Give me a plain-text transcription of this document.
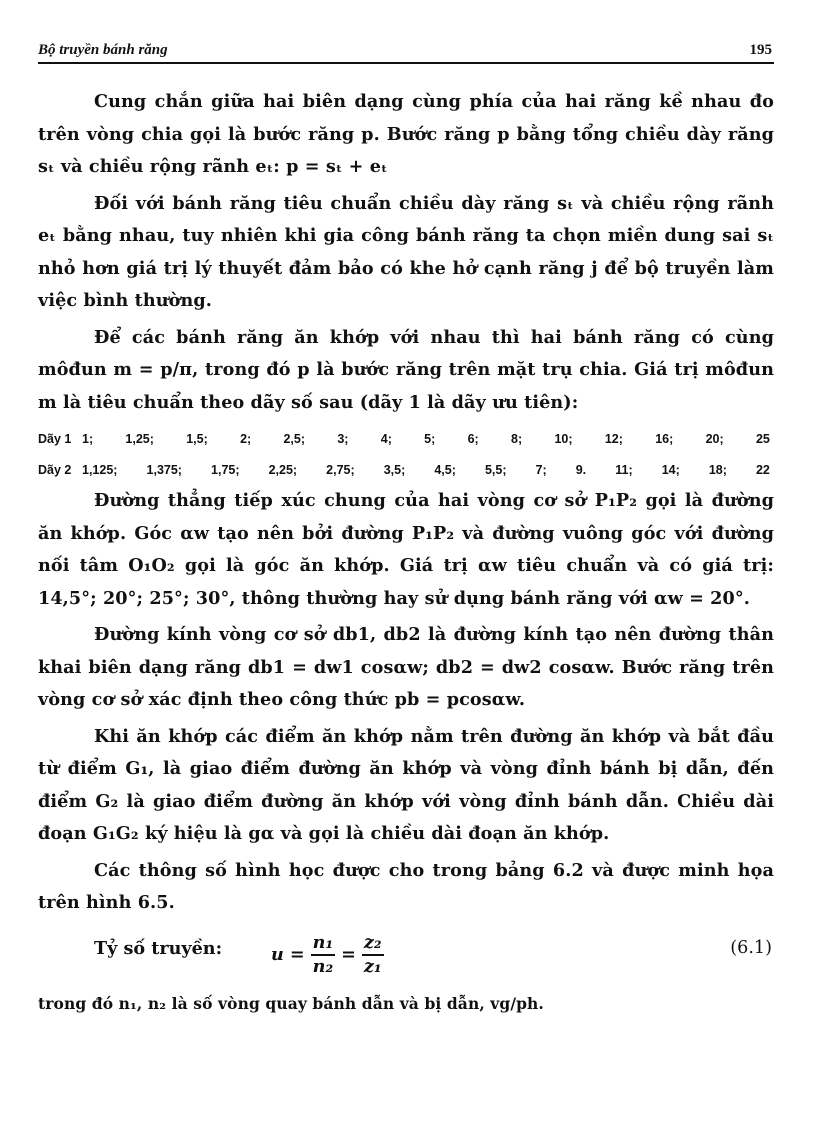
Bộ truyền bánh răng	195

Cung chắn giữa hai biên dạng cùng phía của hai răng kề nhau đo trên vòng chia gọi là bước răng p. Bước răng p bằng tổng chiều dày răng sₜ và chiều rộng rãnh eₜ: p = sₜ + eₜ

Đối với bánh răng tiêu chuẩn chiều dày răng sₜ và chiều rộng rãnh eₜ bằng nhau, tuy nhiên khi gia công bánh răng ta chọn miền dung sai sₜ nhỏ hơn giá trị lý thuyết đảm bảo có khe hở cạnh răng j để bộ truyền làm việc bình thường.

Để các bánh răng ăn khớp với nhau thì hai bánh răng có cùng môđun m = p/π, trong đó p là bước răng trên mặt trụ chia. Giá trị môđun m là tiêu chuẩn theo dãy số sau (dãy 1 là dãy ưu tiên):

Dãy 1 1;	1,25;	1,5;	2;	2,5;	3;	4;	5;	6;	8;	10;	12;	16;	20;	25
Dãy 2 1,125; 1,375; 1,75; 2,25; 2,75; 3,5; 4,5; 5,5; 7; 9. 11; 14; 18; 22

Đường thẳng tiếp xúc chung của hai vòng cơ sở P₁P₂ gọi là đường ăn khớp. Góc αw tạo nên bởi đường P₁P₂ và đường vuông góc với đường nối tâm O₁O₂ gọi là góc ăn khớp. Giá trị αw tiêu chuẩn và có giá trị: 14,5°; 20°; 25°; 30°, thông thường hay sử dụng bánh răng với αw = 20°.

Đường kính vòng cơ sở db1, db2 là đường kính tạo nên đường thân khai biên dạng răng db1 = dw1 cosαw; db2 = dw2 cosαw. Bước răng trên vòng cơ sở xác định theo công thức pb = pcosαw.

Khi ăn khớp các điểm ăn khớp nằm trên đường ăn khớp và bắt đầu từ điểm G₁, là giao điểm đường ăn khớp và vòng đỉnh bánh bị dẫn, đến điểm G₂ là giao điểm đường ăn khớp với vòng đỉnh bánh dẫn. Chiều dài đoạn G₁G₂ ký hiệu là gα và gọi là chiều dài đoạn ăn khớp.

Các thông số hình học được cho trong bảng 6.2 và được minh họa trên hình 6.5.

Tỷ số truyền:	$u = \frac{\text{n₁}}{\text{n₂}} = \frac{\text{z₂}}{\text{z₁}}$	(6.1)

trong đó n₁, n₂ là số vòng quay bánh dẫn và bị dẫn, vg/ph.
